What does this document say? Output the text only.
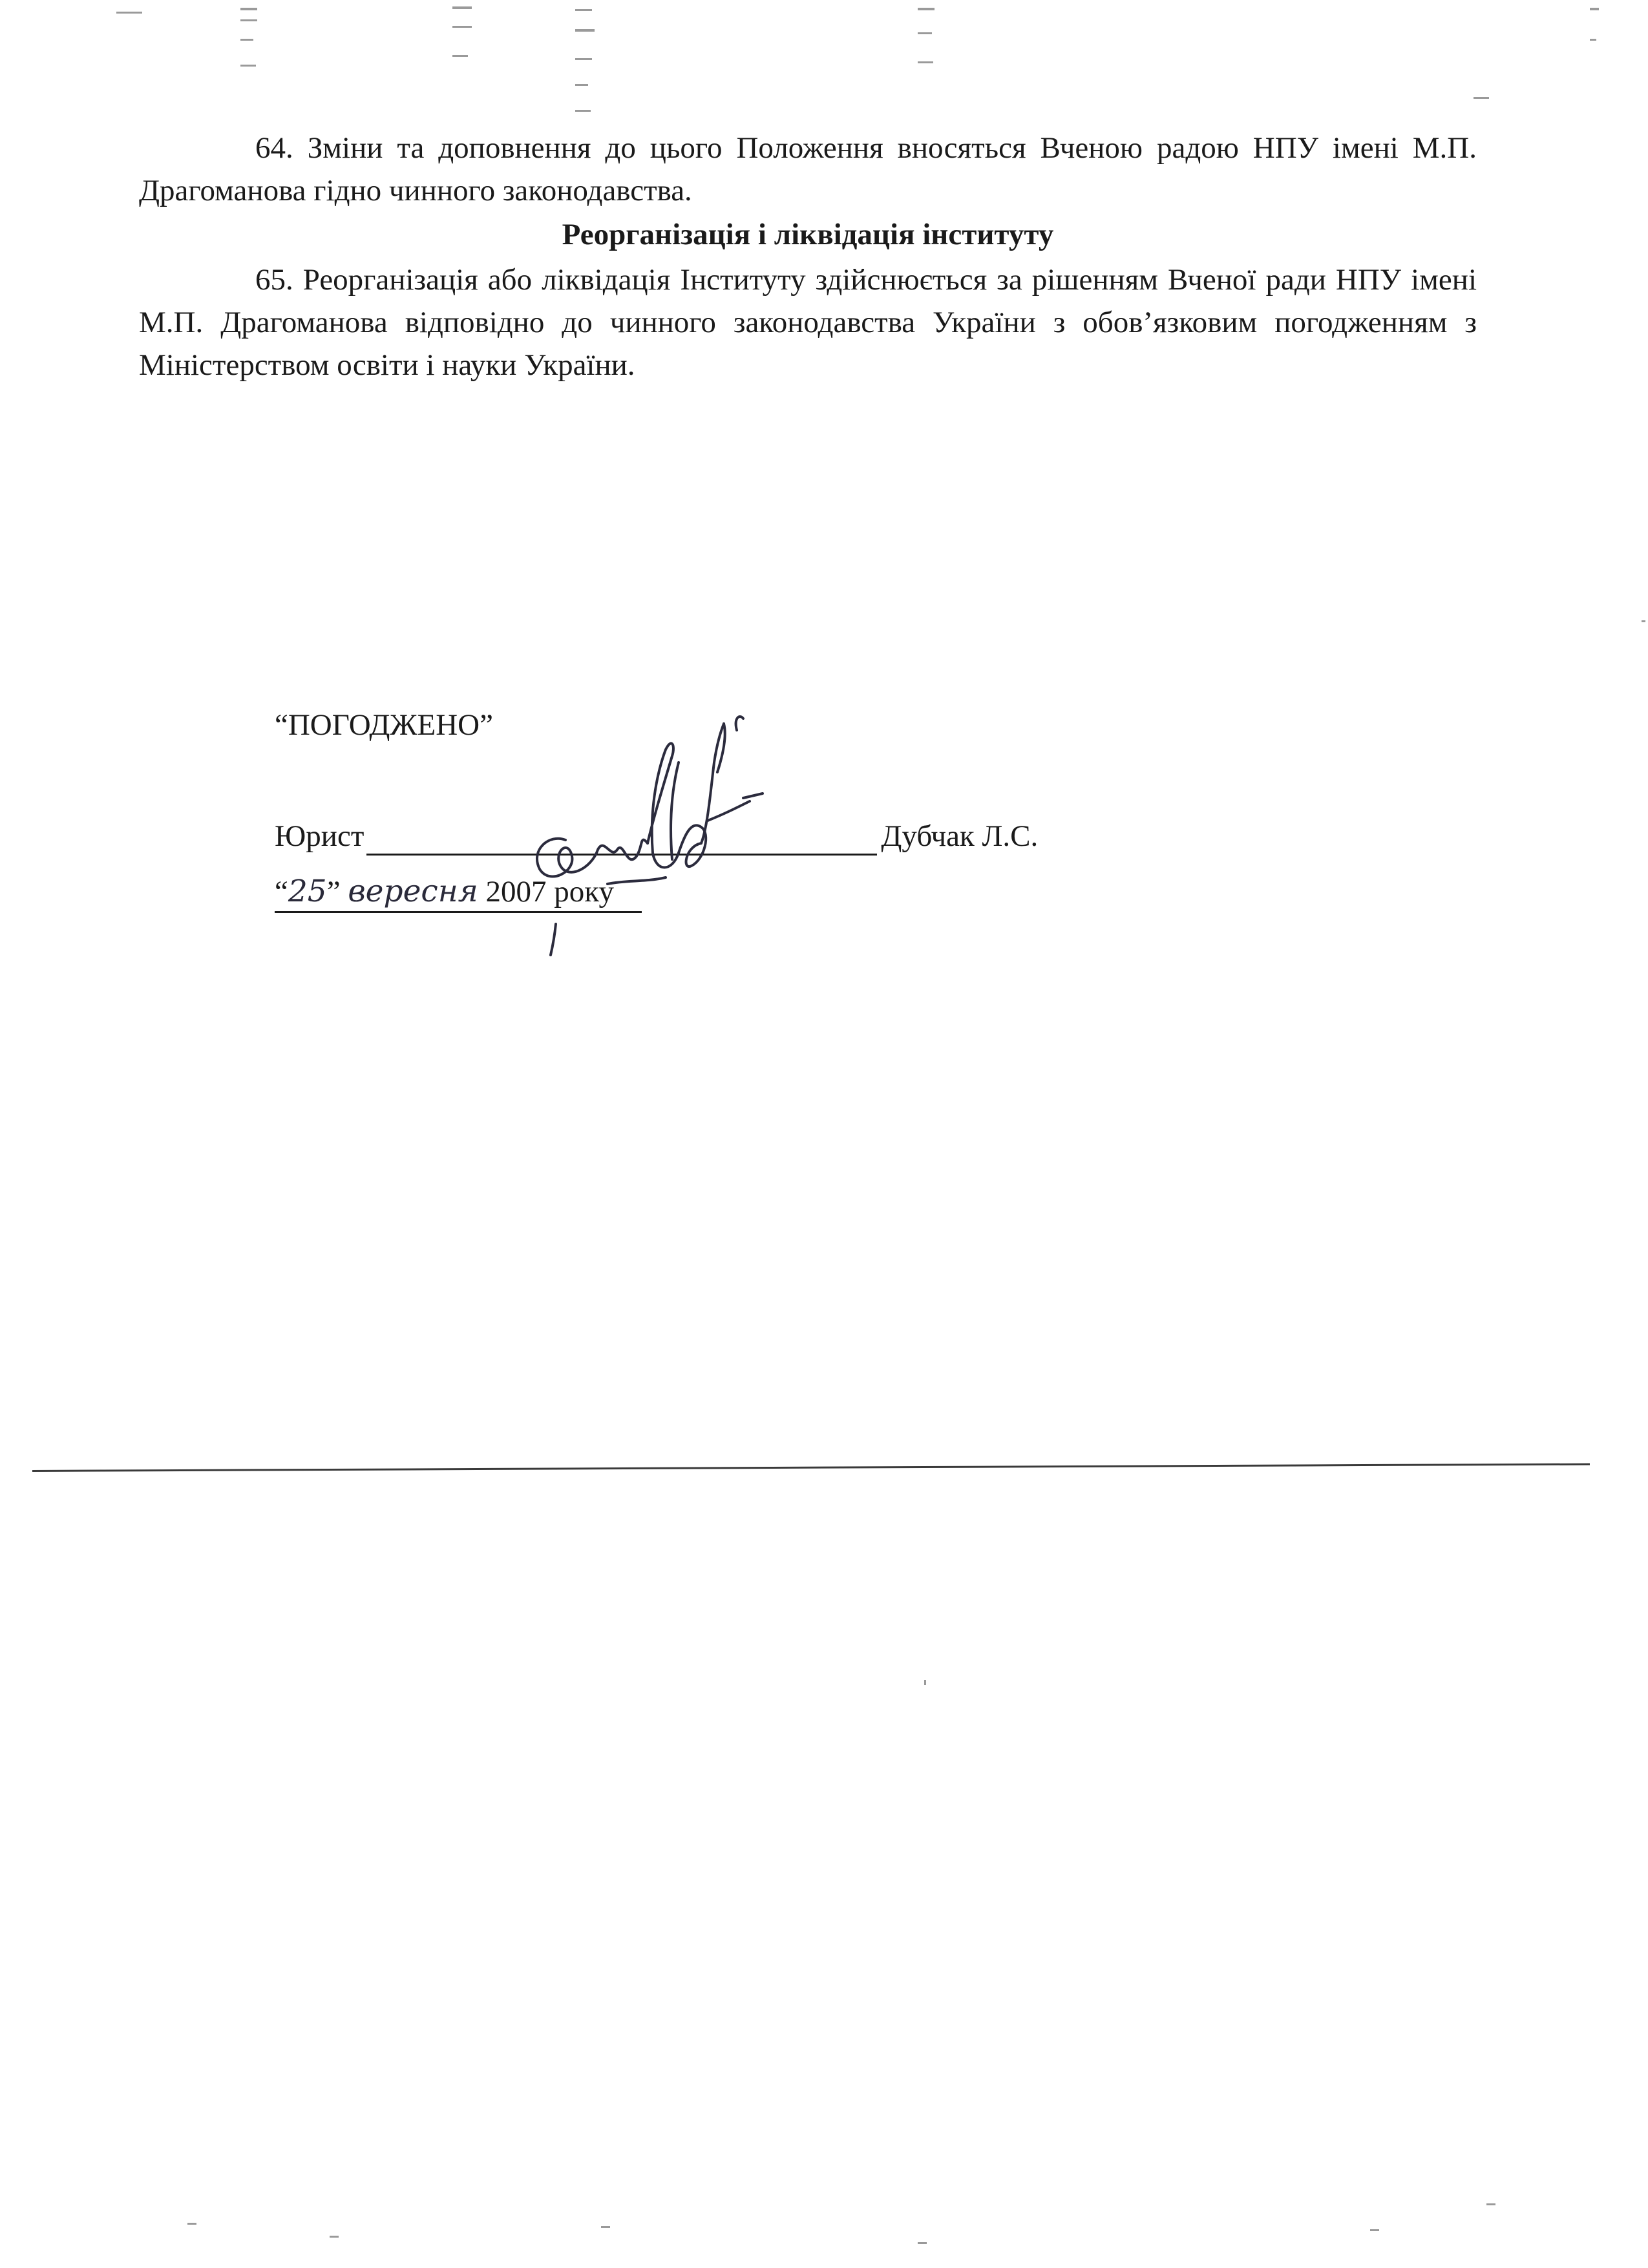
64. Зміни та доповнення до цього Положення вносяться Вченою радою НПУ імені М.П. Драгоманова гідно чинного законодавства.

Реорганізація і ліквідація інституту

65. Реорганізація або ліквідація Інституту здійснюється за рішенням Вченої ради НПУ імені М.П. Драгоманова відповідно до чинного законодавства України з обов’язковим погодженням з Міністерством освіти і науки України.

“ПОГОДЖЕНО”
Юрист	Дубчак Л.С.
“25” вересня 2007 року
